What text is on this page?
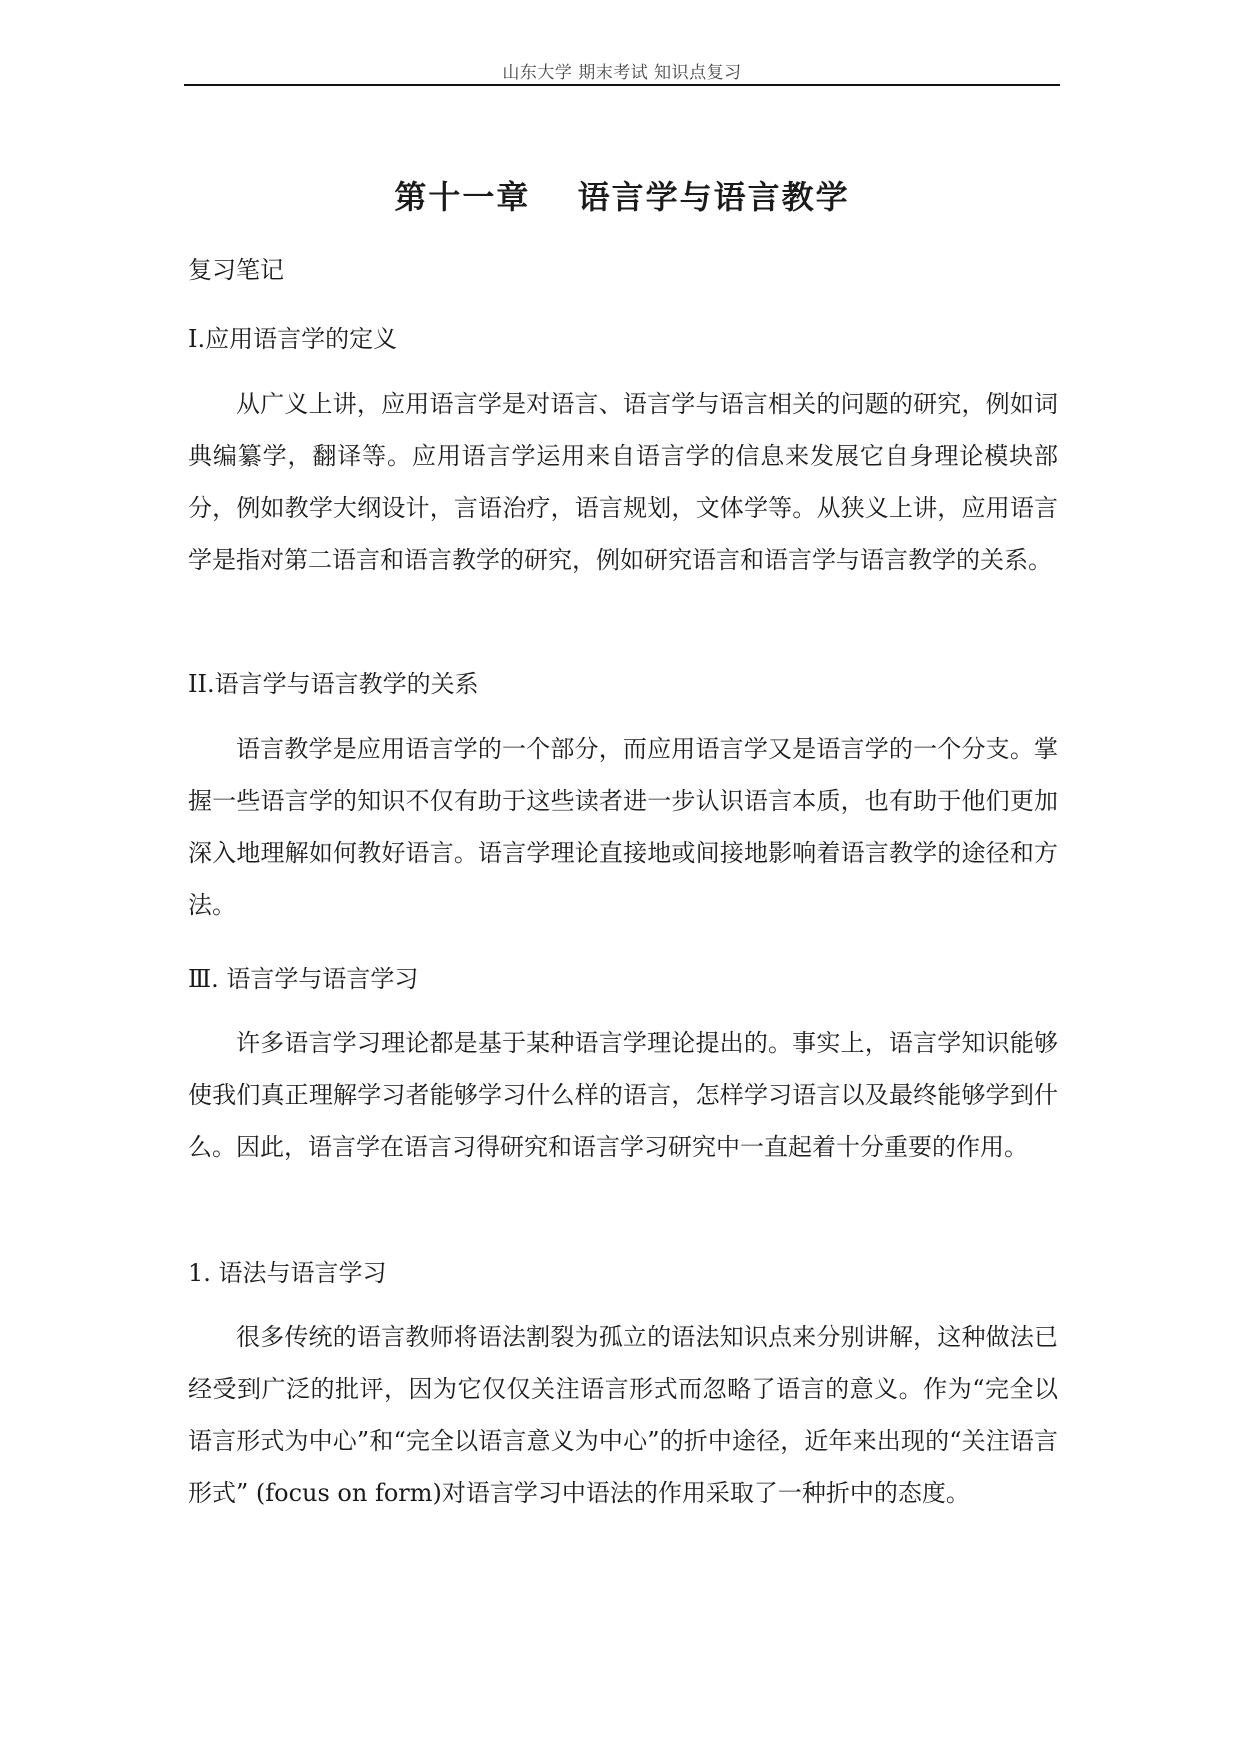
山东大学 期末考试 知识点复习
第十一章　 语言学与语言教学
复习笔记
I.应用语言学的定义

从广义上讲，应用语言学是对语言、语言学与语言相关的问题的研究，例如词典编纂学，翻译等。应用语言学运用来自语言学的信息来发展它自身理论模块部分，例如教学大纲设计，言语治疗，语言规划，文体学等。从狭义上讲，应用语言学是指对第二语言和语言教学的研究，例如研究语言和语言学与语言教学的关系。

II.语言学与语言教学的关系

语言教学是应用语言学的一个部分，而应用语言学又是语言学的一个分支。掌握一些语言学的知识不仅有助于这些读者进一步认识语言本质，也有助于他们更加深入地理解如何教好语言。语言学理论直接地或间接地影响着语言教学的途径和方法。

Ⅲ. 语言学与语言学习

许多语言学习理论都是基于某种语言学理论提出的。事实上，语言学知识能够使我们真正理解学习者能够学习什么样的语言，怎样学习语言以及最终能够学到什么。因此，语言学在语言习得研究和语言学习研究中一直起着十分重要的作用。

1. 语法与语言学习

很多传统的语言教师将语法割裂为孤立的语法知识点来分别讲解，这种做法已经受到广泛的批评，因为它仅仅关注语言形式而忽略了语言的意义。作为“完全以语言形式为中心”和“完全以语言意义为中心”的折中途径，近年来出现的“关注语言形式” (focus on form)对语言学习中语法的作用采取了一种折中的态度。
